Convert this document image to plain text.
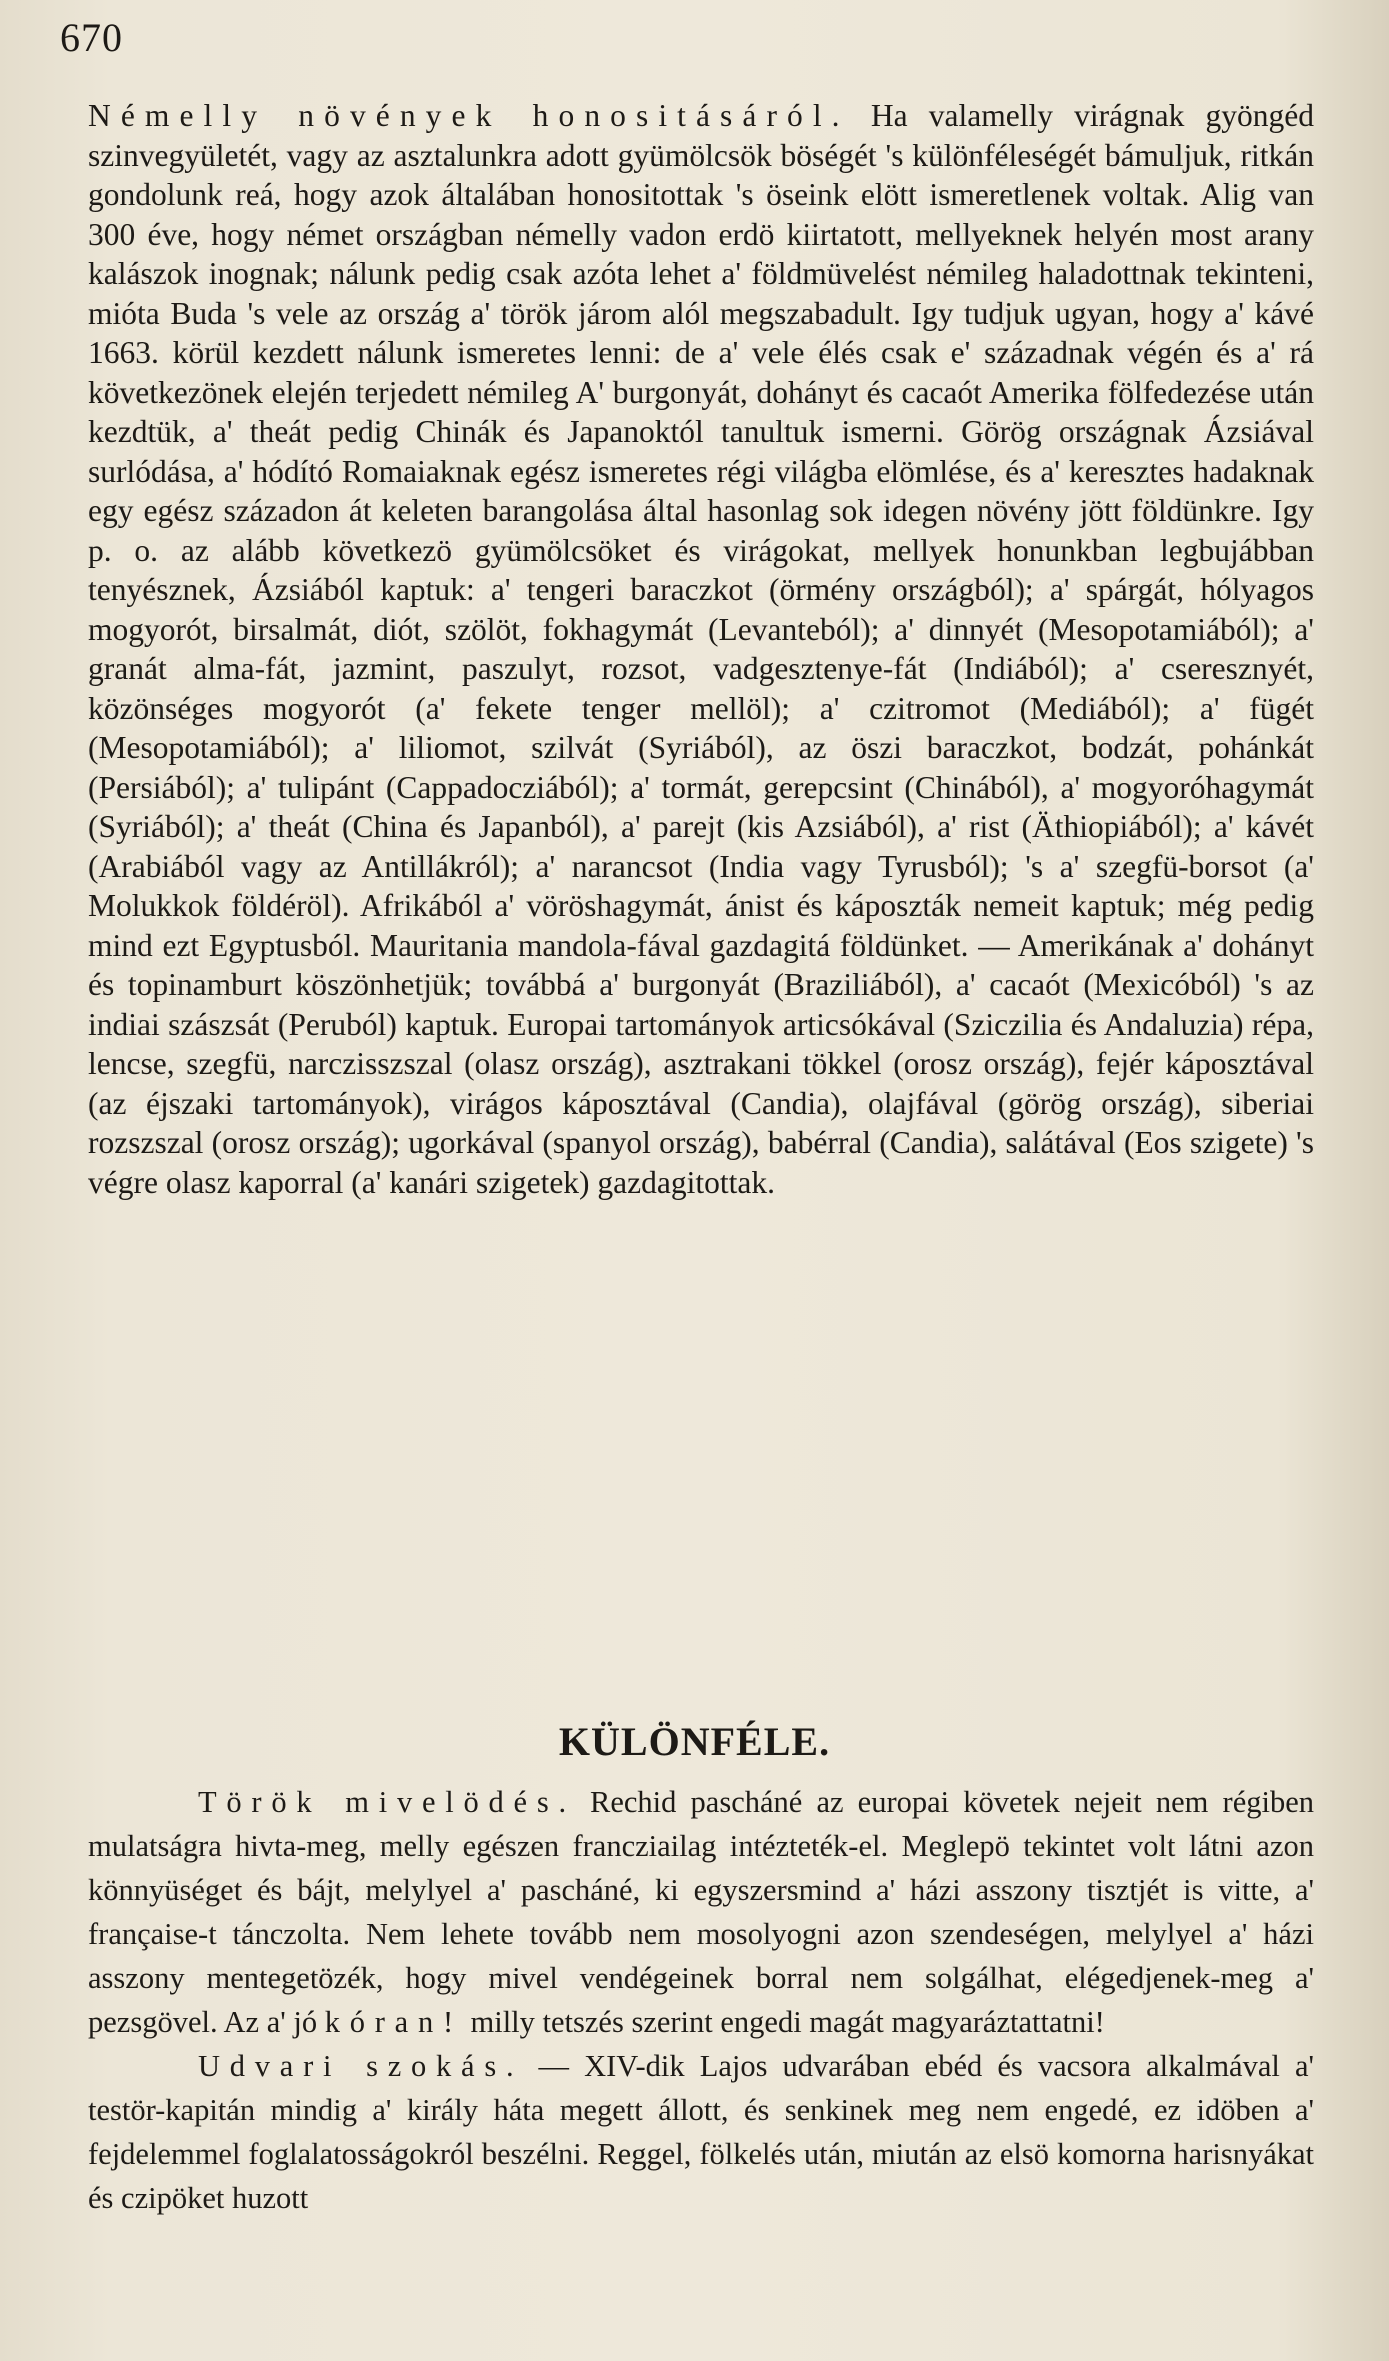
670

Némelly növények honositásáról. Ha valamelly virágnak gyöngéd szinvegyületét, vagy az asztalunkra adott gyümölcsök böségét 's különféleségét bámuljuk, ritkán gondolunk reá, hogy azok általában honositottak 's öseink elött ismeretlenek voltak. Alig van 300 éve, hogy német országban némelly vadon erdö kiirtatott, mellyeknek helyén most arany kalászok inognak; nálunk pedig csak azóta lehet a' földmüvelést némileg haladottnak tekinteni, mióta Buda 's vele az ország a' török járom alól megszabadult. Igy tudjuk ugyan, hogy a' kávé 1663. körül kezdett nálunk ismeretes lenni: de a' vele élés csak e' századnak végén és a' rá következönek elején terjedett némileg A' burgonyát, dohányt és cacaót Amerika fölfedezése után kezdtük, a' theát pedig Chinák és Japanoktól tanultuk ismerni. Görög országnak Ázsiával surlódása, a' hódító Romaiaknak egész ismeretes régi világba elömlése, és a' keresztes hadaknak egy egész századon át keleten barangolása által hasonlag sok idegen növény jött földünkre. Igy p. o. az alább következö gyümölcsöket és virágokat, mellyek honunkban legbujábban tenyésznek, Ázsiából kaptuk: a' tengeri baraczkot (örmény országból); a' spárgát, hólyagos mogyorót, birsalmát, diót, szölöt, fokhagymát (Levanteból); a' dinnyét (Mesopotamiából); a' granát alma-fát, jazmint, paszulyt, rozsot, vadgesztenye-fát (Indiából); a' cseresznyét, közönséges mogyorót (a' fekete tenger mellöl); a' czitromot (Mediából); a' fügét (Mesopotamiából); a' liliomot, szilvát (Syriából), az öszi baraczkot, bodzát, pohánkát (Persiából); a' tulipánt (Cappadocziából); a' tormát, gerepcsint (Chinából), a' mogyoróhagymát (Syriából); a' theát (China és Japanból), a' parejt (kis Azsiából), a' rist (Äthiopiából); a' kávét (Arabiából vagy az Antillákról); a' narancsot (India vagy Tyrusból); 's a' szegfü-borsot (a' Molukkok földéröl). Afrikából a' vöröshagymát, ánist és káposzták nemeit kaptuk; még pedig mind ezt Egyptusból. Mauritania mandola-fával gazdagitá földünket. — Amerikának a' dohányt és topinamburt köszönhetjük; továbbá a' burgonyát (Braziliából), a' cacaót (Mexicóból) 's az indiai szászsát (Peruból) kaptuk. Europai tartományok articsókával (Sziczilia és Andaluzia) répa, lencse, szegfü, narczisszszal (olasz ország), asztrakani tökkel (orosz ország), fejér káposztával (az éjszaki tartományok), virágos káposztával (Candia), olajfával (görög ország), siberiai rozszszal (orosz ország); ugorkával (spanyol ország), babérral (Candia), salátával (Eos szigete) 's végre olasz kaporral (a' kanári szigetek) gazdagitottak.

KÜLÖNFÉLE.

Török mivelödés. Rechid pascháné az europai követek nejeit nem régiben mulatságra hivta-meg, melly egészen francziailag intézteték-el. Meglepö tekintet volt látni azon könnyüséget és bájt, melylyel a' pascháné, ki egyszersmind a' házi asszony tisztjét is vitte, a' française-t tánczolta. Nem lehete tovább nem mosolyogni azon szendeségen, melylyel a' házi asszony mentegetözék, hogy mivel vendégeinek borral nem solgálhat, elégedjenek-meg a' pezsgövel. Az a' jó kóran! milly tetszés szerint engedi magát magyaráztattatni!

Udvari szokás. — XIV-dik Lajos udvarában ebéd és vacsora alkalmával a' testör-kapitán mindig a' király háta megett állott, és senkinek meg nem engedé, ez idöben a' fejdelemmel foglalatosságokról beszélni. Reggel, fölkelés után, miután az elsö komorna harisnyákat és czipöket huzott
